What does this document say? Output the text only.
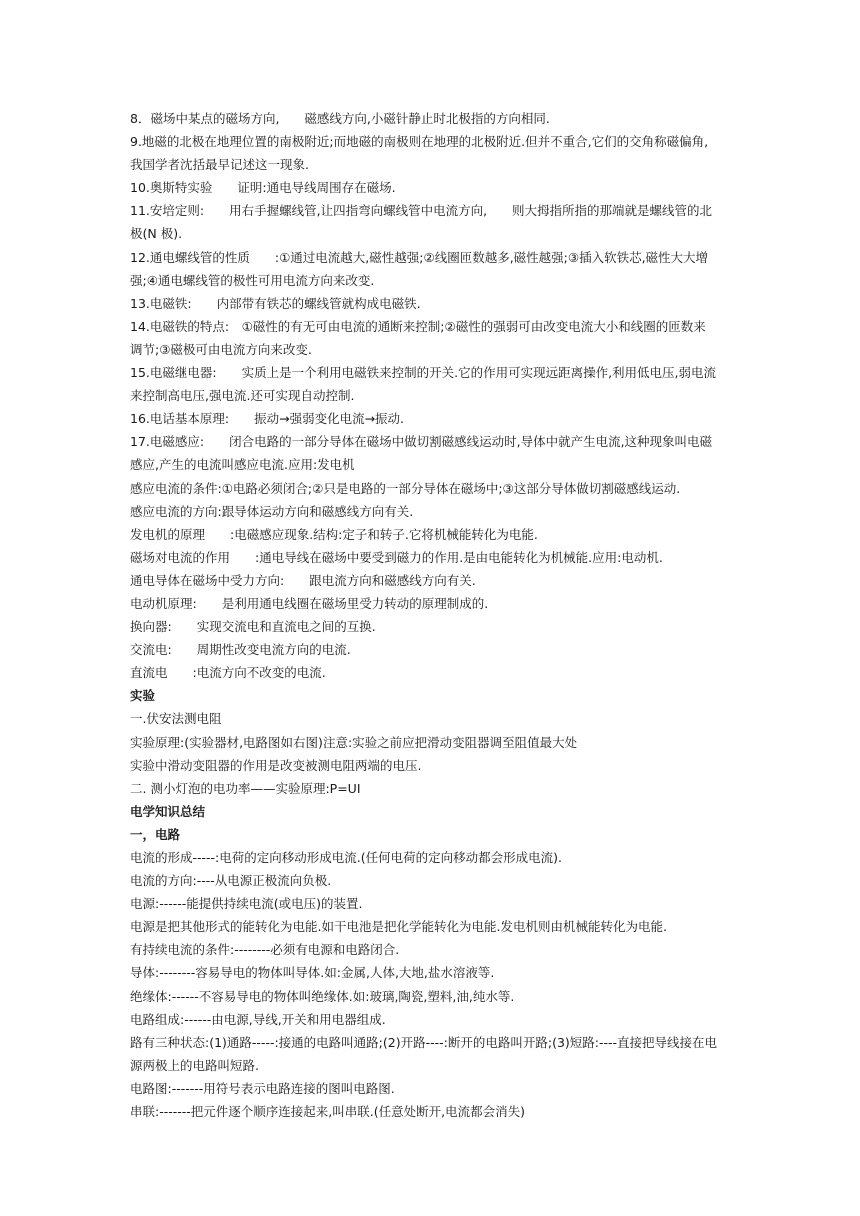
8．磁场中某点的磁场方向,　　磁感线方向,小磁针静止时北极指的方向相同.
9.地磁的北极在地理位置的南极附近;而地磁的南极则在地理的北极附近.但并不重合,它们的交角称磁偏角,
我国学者沈括最早记述这一现象.
10.奥斯特实验　　证明:通电导线周围存在磁场.
11.安培定则:　　用右手握螺线管,让四指弯向螺线管中电流方向,　　则大拇指所指的那端就是螺线管的北
极(N 极).
12.通电螺线管的性质　　:①通过电流越大,磁性越强;②线圈匝数越多,磁性越强;③插入软铁芯,磁性大大增
强;④通电螺线管的极性可用电流方向来改变.
13.电磁铁:　　内部带有铁芯的螺线管就构成电磁铁.
14.电磁铁的特点:　①磁性的有无可由电流的通断来控制;②磁性的强弱可由改变电流大小和线圈的匝数来
调节;③磁极可由电流方向来改变.
15.电磁继电器:　　实质上是一个利用电磁铁来控制的开关.它的作用可实现远距离操作,利用低电压,弱电流
来控制高电压,强电流.还可实现自动控制.
16.电话基本原理:　　振动→强弱变化电流→振动.
17.电磁感应:　　闭合电路的一部分导体在磁场中做切割磁感线运动时,导体中就产生电流,这种现象叫电磁
感应,产生的电流叫感应电流.应用:发电机
感应电流的条件:①电路必须闭合;②只是电路的一部分导体在磁场中;③这部分导体做切割磁感线运动.
感应电流的方向:跟导体运动方向和磁感线方向有关.
发电机的原理　　:电磁感应现象.结构:定子和转子.它将机械能转化为电能.
磁场对电流的作用　　:通电导线在磁场中要受到磁力的作用.是由电能转化为机械能.应用:电动机.
通电导体在磁场中受力方向:　　跟电流方向和磁感线方向有关.
电动机原理:　　是利用通电线圈在磁场里受力转动的原理制成的.
换向器:　　实现交流电和直流电之间的互换.
交流电:　　周期性改变电流方向的电流.
直流电　　:电流方向不改变的电流.
实验
一.伏安法测电阻
实验原理:(实验器材,电路图如右图)注意:实验之前应把滑动变阻器调至阻值最大处
实验中滑动变阻器的作用是改变被测电阻两端的电压.
二. 测小灯泡的电功率——实验原理:P=UI
电学知识总结
一，电路
电流的形成-----:电荷的定向移动形成电流.(任何电荷的定向移动都会形成电流).
电流的方向:----从电源正极流向负极.
电源:------能提供持续电流(或电压)的装置.
电源是把其他形式的能转化为电能.如干电池是把化学能转化为电能.发电机则由机械能转化为电能.
有持续电流的条件:--------必须有电源和电路闭合.
导体:--------容易导电的物体叫导体.如:金属,人体,大地,盐水溶液等.
绝缘体:------不容易导电的物体叫绝缘体.如:玻璃,陶瓷,塑料,油,纯水等.
电路组成:------由电源,导线,开关和用电器组成.
路有三种状态:(1)通路-----:接通的电路叫通路;(2)开路----:断开的电路叫开路;(3)短路:----直接把导线接在电
源两极上的电路叫短路.
电路图:-------用符号表示电路连接的图叫电路图.
串联:-------把元件逐个顺序连接起来,叫串联.(任意处断开,电流都会消失)
